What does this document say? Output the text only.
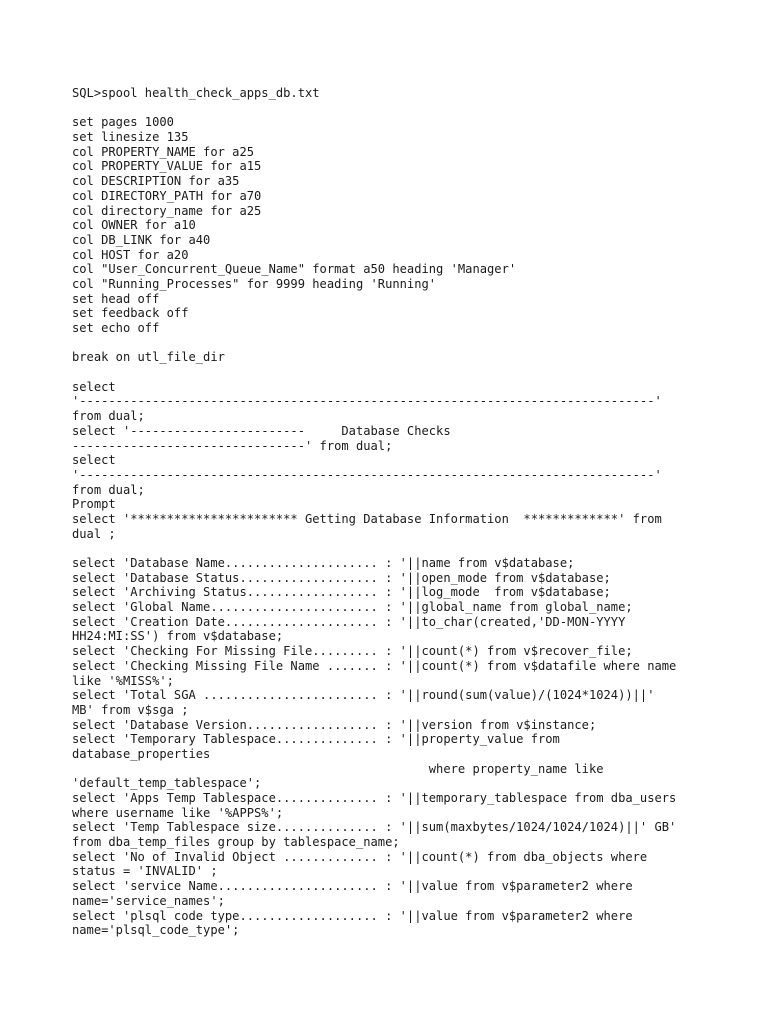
SQL>spool health_check_apps_db.txt
set pages 1000
set linesize 135
col PROPERTY_NAME for a25
col PROPERTY_VALUE for a15
col DESCRIPTION for a35
col DIRECTORY_PATH for a70
col directory_name for a25
col OWNER for a10
col DB_LINK for a40
col HOST for a20
col "User_Concurrent_Queue_Name" format a50 heading 'Manager'
col "Running_Processes" for 9999 heading 'Running'
set head off
set feedback off
set echo off
break on utl_file_dir
select
'-------------------------------------------------------------------------------'
from dual;
select '------------------------     Database Checks
--------------------------------' from dual;
select
'-------------------------------------------------------------------------------'
from dual;
Prompt
select '*********************** Getting Database Information  *************' from
dual ;
select 'Database Name..................... : '||name from v$database;
select 'Database Status................... : '||open_mode from v$database;
select 'Archiving Status.................. : '||log_mode  from v$database;
select 'Global Name....................... : '||global_name from global_name;
select 'Creation Date..................... : '||to_char(created,'DD-MON-YYYY
HH24:MI:SS') from v$database;
select 'Checking For Missing File......... : '||count(*) from v$recover_file;
select 'Checking Missing File Name ....... : '||count(*) from v$datafile where name
like '%MISS%';
select 'Total SGA ........................ : '||round(sum(value)/(1024*1024))||'
MB' from v$sga ;
select 'Database Version.................. : '||version from v$instance;
select 'Temporary Tablespace.............. : '||property_value from
database_properties
where property_name like
'default_temp_tablespace';
select 'Apps Temp Tablespace.............. : '||temporary_tablespace from dba_users
where username like '%APPS%';
select 'Temp Tablespace size.............. : '||sum(maxbytes/1024/1024/1024)||' GB'
from dba_temp_files group by tablespace_name;
select 'No of Invalid Object ............. : '||count(*) from dba_objects where
status = 'INVALID' ;
select 'service Name...................... : '||value from v$parameter2 where
name='service_names';
select 'plsql code type................... : '||value from v$parameter2 where
name='plsql_code_type';
